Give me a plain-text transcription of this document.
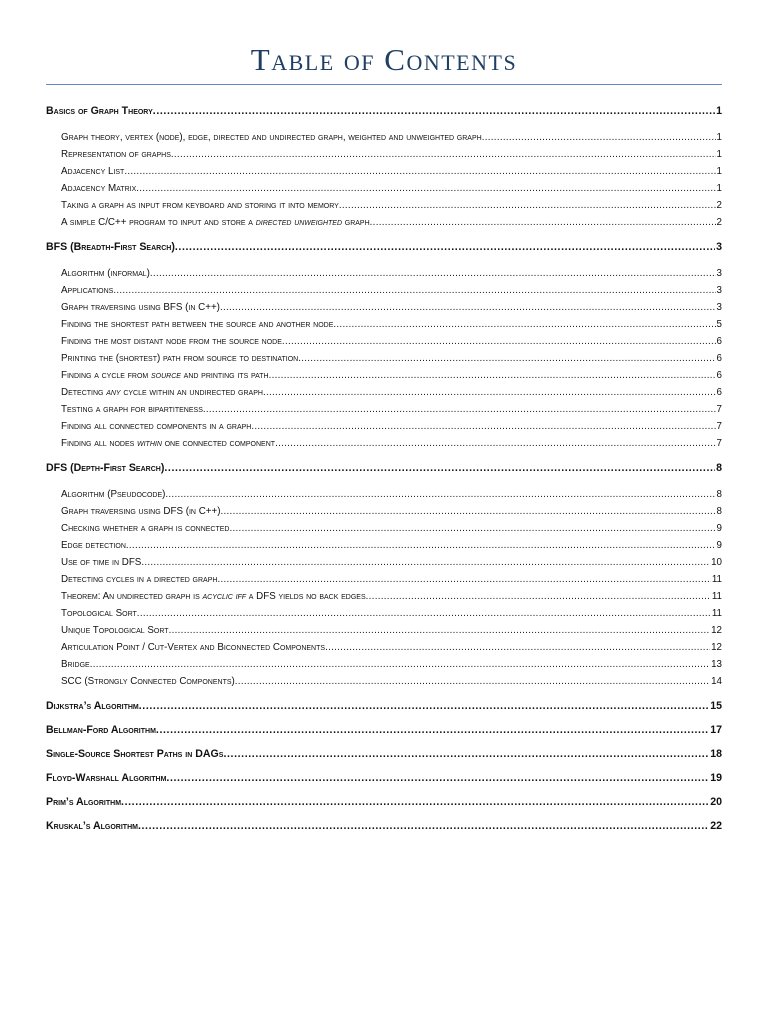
Table of Contents
Basics of Graph Theory .....	1
Graph theory, vertex (node), edge, directed and undirected graph, weighted and unweighted graph .....	1
Representation of graphs .....	1
Adjacency List .....	1
Adjacency Matrix .....	1
Taking a graph as input from keyboard and storing it into memory .....	2
A simple C/C++ program to input and store a directed unweighted graph .....	2
BFS (Breadth-First Search) .....	3
Algorithm (informal) .....	3
Applications .....	3
Graph traversing using BFS (in C++) .....	3
Finding the shortest path between the source and another node .....	5
Finding the most distant node from the source node .....	6
Printing the (shortest) path from source to destination .....	6
Finding a cycle from source and printing its path .....	6
Detecting any cycle within an undirected graph .....	6
Testing a graph for bipartiteness .....	7
Finding all connected components in a graph .....	7
Finding all nodes within one connected component .....	7
DFS (Depth-First Search) .....	8
Algorithm (Pseudocode) .....	8
Graph traversing using DFS (in C++) .....	8
Checking whether a graph is connected .....	9
Edge detection .....	9
Use of time in DFS .....	10
Detecting cycles in a directed graph .....	11
Theorem: An undirected graph is acyclic iff a DFS yields no back edges .....	11
Topological Sort .....	11
Unique Topological Sort .....	12
Articulation Point / Cut-Vertex and Biconnected Components .....	12
Bridge .....	13
SCC (Strongly Connected Components) .....	14
Dijkstra’s Algorithm .....	15
Bellman-Ford Algorithm .....	17
Single-Source Shortest Paths in DAGs .....	18
Floyd-Warshall Algorithm .....	19
Prim’s Algorithm .....	20
Kruskal’s Algorithm .....	22
